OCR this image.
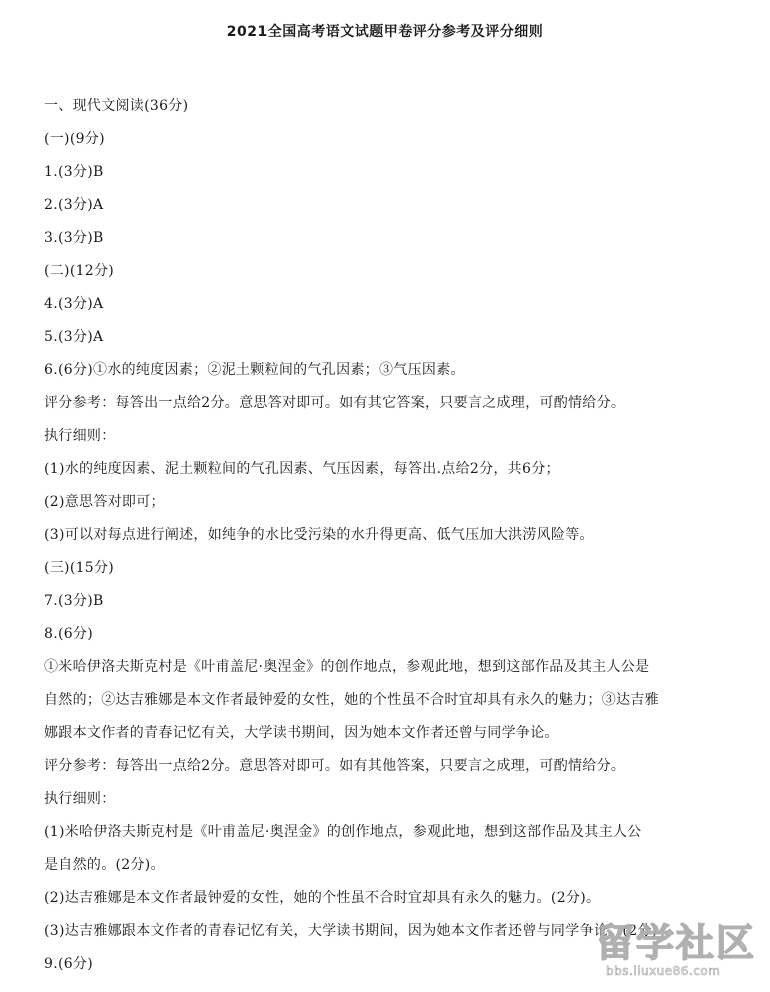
2021全国高考语文试题甲卷评分参考及评分细则
一、现代文阅读(36分)
(一)(9分)
1.(3分)B
2.(3分)A
3.(3分)B
(二)(12分)
4.(3分)A
5.(3分)A
6.(6分)①水的纯度因素；②泥土颗粒间的气孔因素；③气压因素。
评分参考：每答出一点给2分。意思答对即可。如有其它答案，只要言之成理，可酌情给分。
执行细则：
(1)水的纯度因素、泥土颗粒间的气孔因素、气压因素，每答出.点给2分，共6分；
(2)意思答对即可；
(3)可以对每点进行阐述，如纯争的水比受污染的水升得更高、低气压加大洪涝风险等。
(三)(15分)
7.(3分)B
8.(6分)
①米哈伊洛夫斯克村是《叶甫盖尼·奥涅金》的创作地点，参观此地，想到这部作品及其主人公是
自然的；②达吉雅娜是本文作者最钟爱的女性，她的个性虽不合时宜却具有永久的魅力；③达吉雅
娜跟本文作者的青春记忆有关，大学读书期间，因为她本文作者还曾与同学争论。
评分参考：每答出一点给2分。意思答对即可。如有其他答案，只要言之成理，可酌情给分。
执行细则：
(1)米哈伊洛夫斯克村是《叶甫盖尼·奥涅金》的创作地点，参观此地，想到这部作品及其主人公
是自然的。(2分)。
(2)达吉雅娜是本文作者最钟爱的女性，她的个性虽不合时宜却具有永久的魅力。(2分)。
(3)达吉雅娜跟本文作者的青春记忆有关，大学读书期间，因为她本文作者还曾与同学争论。(2分)
9.(6分)	留学社区
bbs.liuxue86.com
